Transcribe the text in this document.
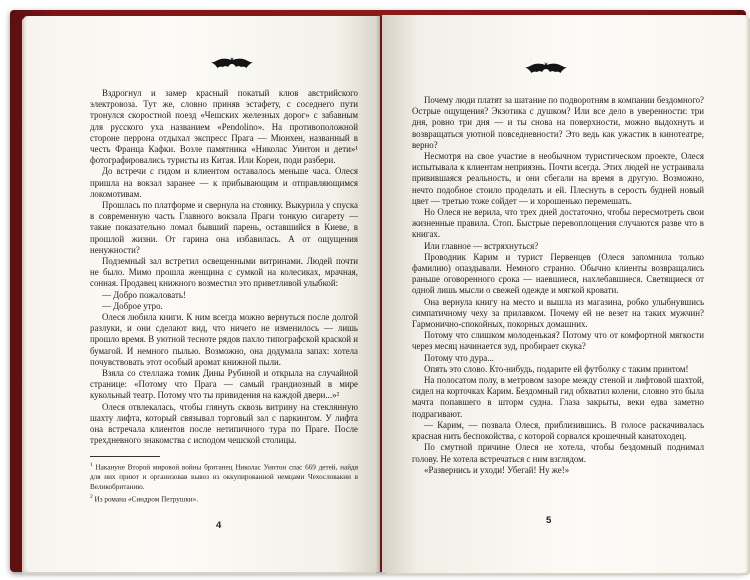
Вздрогнул и замер красный покатый клюв австрийского электровоза. Тут же, словно приняв эстафету, с соседнего пути тронулся скоростной поезд «Чешских железных дорог» с забавным для русского уха названием «Pendolino». На противоположной стороне перрона отдыхал экспресс Прага — Мюнхен, названный в честь Франца Кафки. Возле памятника «Николас Уинтон и дети»¹ фотографировались туристы из Китая. Или Кореи, поди разбери.

До встречи с гидом и клиентом оставалось меньше часа. Олеся пришла на вокзал заранее — к прибывающим и отправляющимся локомотивам.

Прошлась по платформе и свернула на стоянку. Выкурила у спуска в современную часть Главного вокзала Праги тонкую сигарету — такие показательно ломал бывший парень, оставшийся в Киеве, в прошлой жизни. От гарина она избавилась. А от ощущения ненужности?

Подземный зал встретил освещенными витринами. Людей почти не было. Мимо прошла женщина с сумкой на колесиках, мрачная, сонная. Продавец книжного возместил это приветливой улыбкой:

— Добро пожаловать!

— Доброе утро.

Олеся любила книги. К ним всегда можно вернуться после долгой разлуки, и они сделают вид, что ничего не изменилось — лишь прошло время. В уютной тесноте рядов пахло типографской краской и бумагой. И немного пылью. Возможно, она додумала запах: хотела почувствовать этот особый аромат книжной пыли.

Взяла со стеллажа томик Дины Рубиной и открыла на случайной странице: «Потому что Прага — самый грандиозный в мире кукольный театр. Потому что ты привидения на каждой двери...»²

Олеся отвлекалась, чтобы глянуть сквозь витрину на стеклянную шахту лифта, который связывал торговый зал с паркингом. У лифта она встречала клиентов после нетипичного тура по Праге. После трехдневного знакомства с исподом чешской столицы.

$^1$ Накануне Второй мировой войны британец Николас Уинтон спас 669 детей, найдя для них приют и организовав вывоз из оккупированной немцами Чехословакии в Великобританию.

$^2$ Из романа «Синдром Петрушки».

4

Почему люди платят за шатание по подворотням в компании бездомного? Острые ощущения? Экзотика с душком? Или все дело в уверенности: три дня, ровно три дня — и ты снова на поверхности, можно выдохнуть и возвращаться уютной повседневности? Это ведь как ужастик в кинотеатре, верно?

Несмотря на свое участие в необычном туристическом проекте, Олеся испытывала к клиентам неприязнь. Почти всегда. Этих людей не устраивала привившаяся реальность, и они сбегали на время в другую. Возможно, нечто подобное стоило проделать и ей. Плеснуть в серость будней новый цвет — третью тоже сойдет — и хорошенько перемешать.

Но Олеся не верила, что трех дней достаточно, чтобы пересмотреть свои жизненные правила. Стоп. Быстрые перевоплощения случаются разве что в книгах.

Или главное — встряхнуться?

Проводник Карим и турист Первенцев (Олеся запомнила только фамилию) опаздывали. Немного странно. Обычно клиенты возвращались раньше оговоренного срока — наевшиеся, нахлебавшиеся. Светящиеся от одной лишь мысли о свежей одежде и мягкой кровати.

Она вернула книгу на место и вышла из магазина, робко улыбнувшись симпатичному чеху за прилавком. Почему ей не везет на таких мужчин? Гармонично-спокойных, покорных домашних.

Потому что слишком молоденькая? Потому что от комфортной мягкости через месяц начинается зуд, пробирает скука?

Потому что дура...

Опять это слово. Кто-нибудь, подарите ей футболку с таким принтом!

На полосатом полу, в метровом зазоре между стеной и лифтовой шахтой, сидел на корточках Карим. Бездомный гид обхватил колени, словно это была мачта попавшего в шторм судна. Глаза закрыты, веки едва заметно подрагивают.

— Карим, — позвала Олеся, приблизившись. В голосе раскачивалась красная нить беспокойства, с которой сорвался крошечный канатоходец.

По смутной причине Олеся не хотела, чтобы бездомный поднимал голову. Не хотела встречаться с ним взглядом.

«Развернись и уходи! Убегай! Ну же!»

5
